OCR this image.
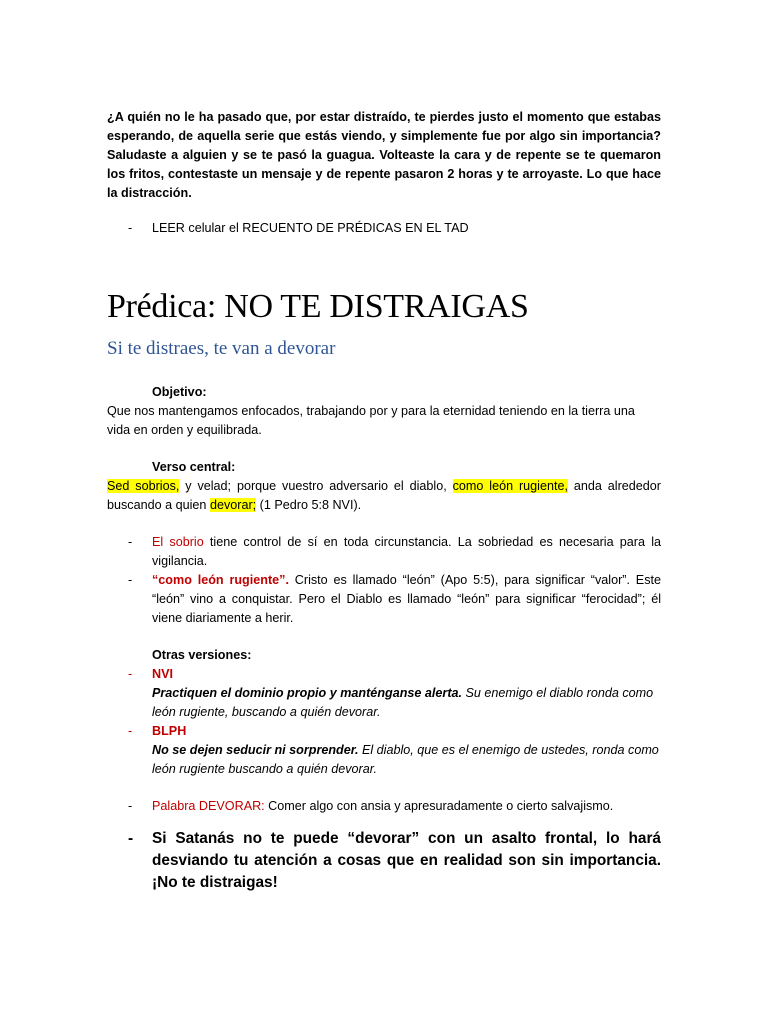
¿A quién no le ha pasado que, por estar distraído, te pierdes justo el momento que estabas esperando, de aquella serie que estás viendo, y simplemente fue por algo sin importancia? Saludaste a alguien y se te pasó la guagua. Volteaste la cara y de repente se te quemaron los fritos, contestaste un mensaje y de repente pasaron 2 horas y te arroyaste. Lo que hace la distracción.

- LEER celular el RECUENTO DE PRÉDICAS EN EL TAD
Prédica: NO TE DISTRAIGAS
Si te distraes, te van a devorar

Objetivo:

Que nos mantengamos enfocados, trabajando por y para la eternidad teniendo en la tierra una vida en orden y equilibrada.

Verso central:

Sed sobrios, y velad; porque vuestro adversario el diablo, como león rugiente, anda alrededor buscando a quien devorar; (1 Pedro 5:8 NVI).

- El sobrio tiene control de sí en toda circunstancia. La sobriedad es necesaria para la vigilancia.
- “como león rugiente”. Cristo es llamado “león” (Apo 5:5), para significar “valor”. Este “león” vino a conquistar. Pero el Diablo es llamado “león” para significar “ferocidad”; él viene diariamente a herir.

Otras versiones:

- NVI
Practiquen el dominio propio y manténganse alerta. Su enemigo el diablo ronda como león rugiente, buscando a quién devorar.
- BLPH
No se dejen seducir ni sorprender. El diablo, que es el enemigo de ustedes, ronda como león rugiente buscando a quién devorar.
- Palabra DEVORAR: Comer algo con ansia y apresuradamente o cierto salvajismo.
- Si Satanás no te puede “devorar” con un asalto frontal, lo hará desviando tu atención a cosas que en realidad son sin importancia. ¡No te distraigas!
